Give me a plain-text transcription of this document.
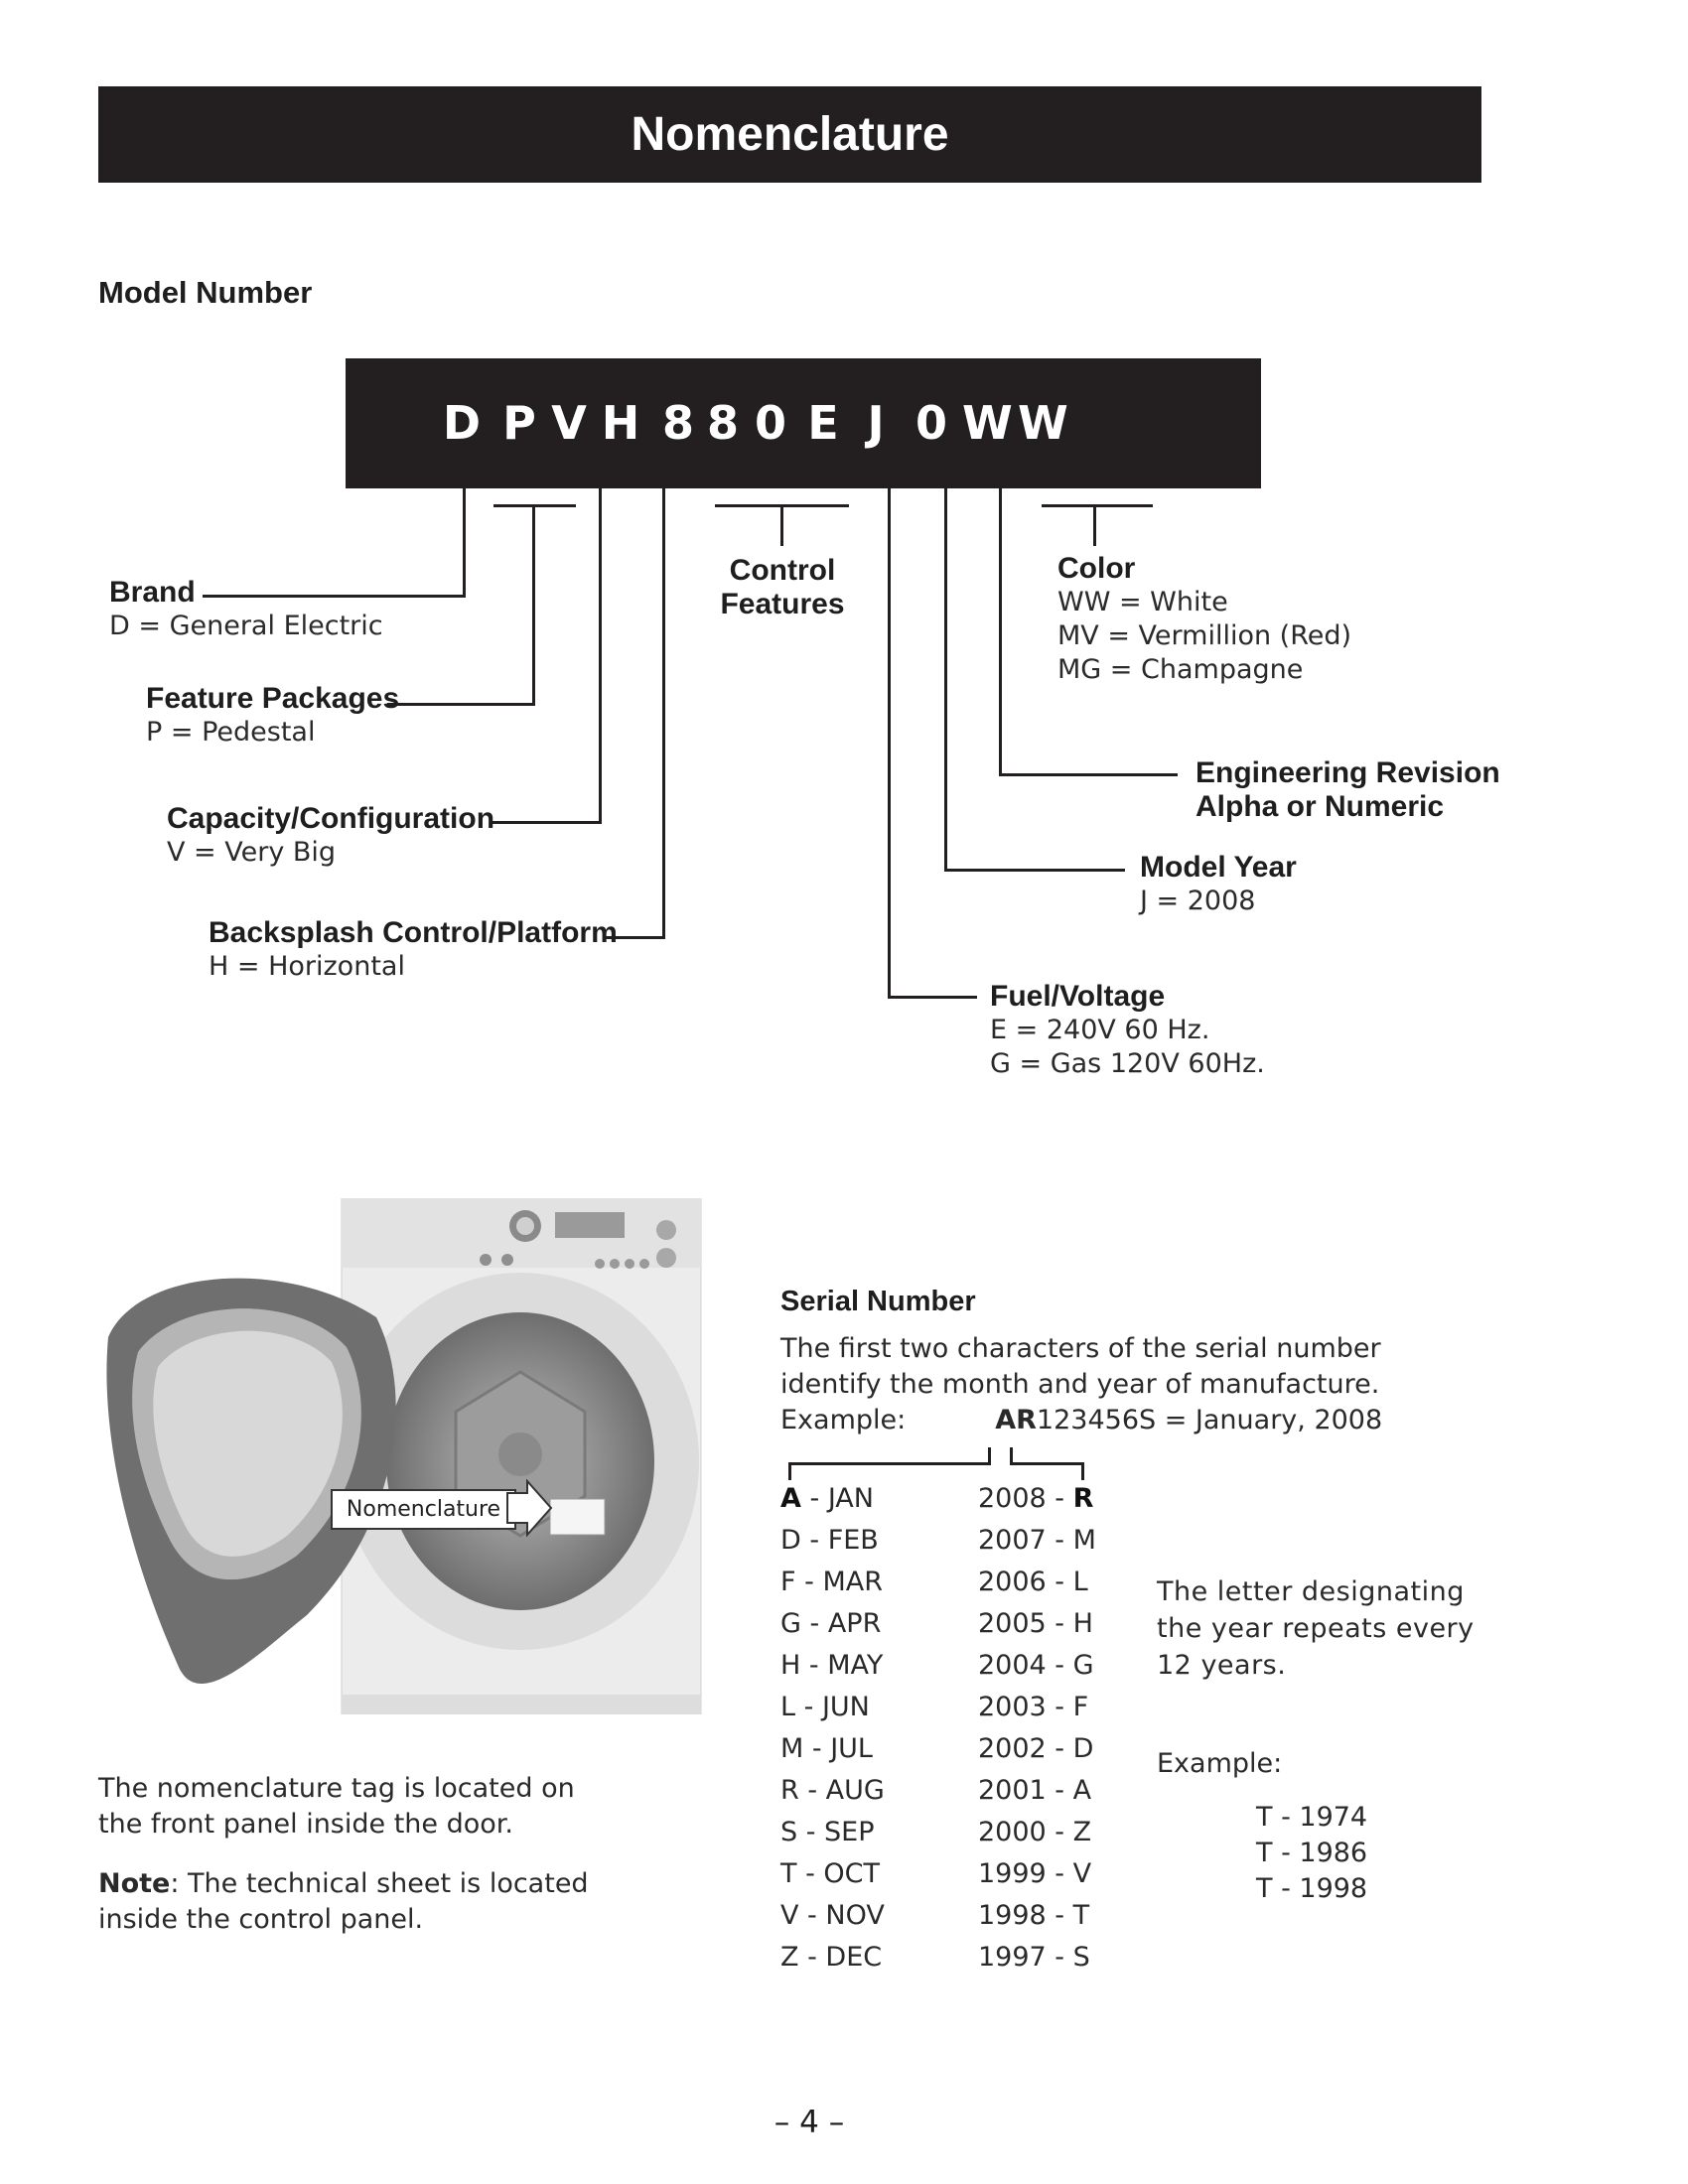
Nomenclature
Model Number
D P V H 8 8 0 E J 0 W W
Brand
D = General Electric
Feature Packages
P = Pedestal
Capacity/Configuration
V = Very Big
Backsplash Control/Platform
H = Horizontal
Control
Features
Color
WW = White
MV = Vermillion (Red)
MG = Champagne
Engineering Revision
Alpha or Numeric
Model Year
J = 2008
Fuel/Voltage
E = 240V 60 Hz.
G = Gas 120V 60Hz.
Nomenclature
The nomenclature tag is located on
the front panel inside the door.
Note: The technical sheet is located
inside the control panel.
Serial Number
The first two characters of the serial number
identify the month and year of manufacture.
Example:	AR123456S = January, 2008
A - JAN
D - FEB
F - MAR
G - APR
H - MAY
L - JUN
M - JUL
R - AUG
S - SEP
T - OCT
V - NOV
Z - DEC
2008 - R
2007 - M
2006 - L
2005 - H
2004 - G
2003 - F
2002 - D
2001 - A
2000 - Z
1999 - V
1998 - T
1997 - S
The letter designating
the year repeats every
12 years.
Example:
T - 1974
T - 1986
T - 1998
– 4 –
